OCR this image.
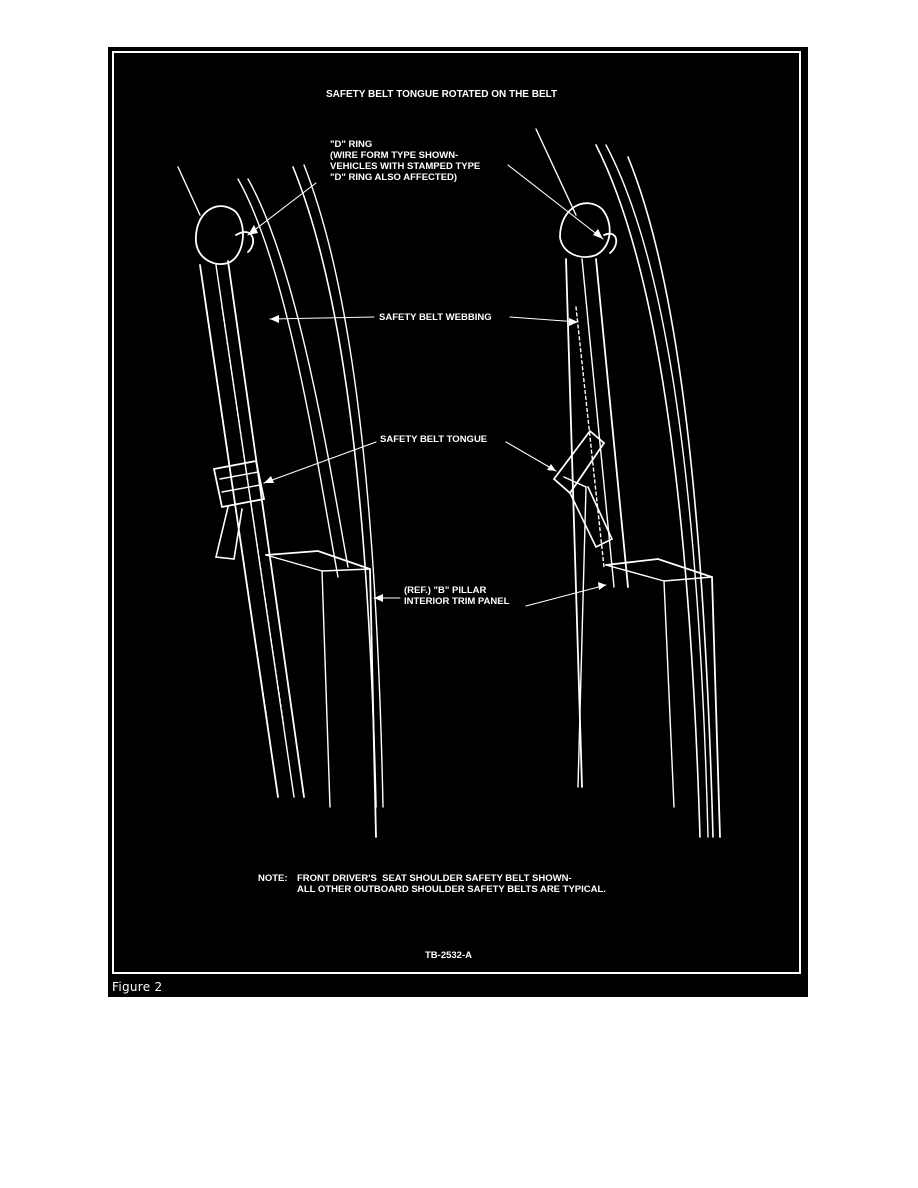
SAFETY BELT TONGUE ROTATED ON THE BELT
"D" RING
(WIRE FORM TYPE SHOWN-
VEHICLES WITH STAMPED TYPE
"D" RING ALSO AFFECTED)
SAFETY BELT WEBBING
SAFETY BELT TONGUE
(REF.) "B" PILLAR
INTERIOR TRIM PANEL
NOTE: FRONT DRIVER'S  SEAT SHOULDER SAFETY BELT SHOWN-
ALL OTHER OUTBOARD SHOULDER SAFETY BELTS ARE TYPICAL.
TB-2532-A
Figure 2
